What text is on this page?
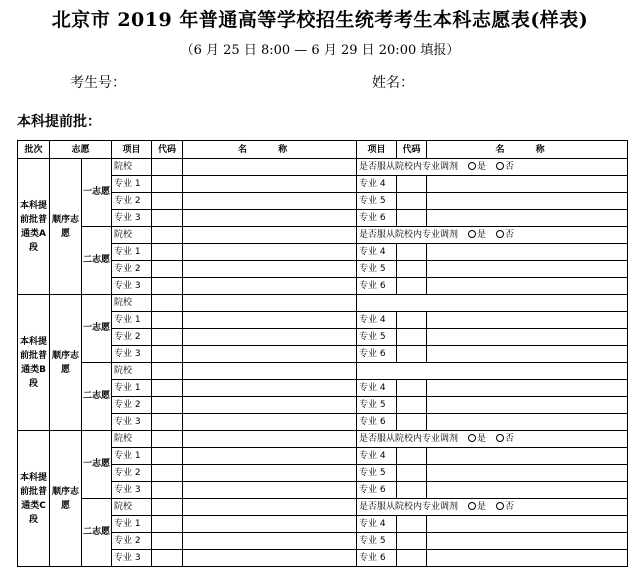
北京市 2019 年普通高等学校招生统考考生本科志愿表(样表)
（6 月 25 日 8:00 — 6 月 29 日 20:00 填报）
考生号：	姓名：
本科提前批：
批次	志愿		项目	代码	名 称	项目	代码	名 称
本科提前批普通类A段	顺序志愿	一志愿	院校			是否服从院校内专业调剂 是 否		
			专业 1			专业 4		
			专业 2			专业 5		
			专业 3			专业 6		
		二志愿	院校			是否服从院校内专业调剂 是 否		
			专业 1			专业 4		
			专业 2			专业 5		
			专业 3			专业 6		
本科提前批普通类B段	顺序志愿	一志愿	院校					
			专业 1			专业 4		
			专业 2			专业 5		
			专业 3			专业 6		
		二志愿	院校					
			专业 1			专业 4		
			专业 2			专业 5		
			专业 3			专业 6		
本科提前批普通类C段	顺序志愿	一志愿	院校			是否服从院校内专业调剂 是 否		
			专业 1			专业 4		
			专业 2			专业 5		
			专业 3			专业 6		
		二志愿	院校			是否服从院校内专业调剂 是 否		
			专业 1			专业 4		
			专业 2			专业 5		
			专业 3			专业 6		
